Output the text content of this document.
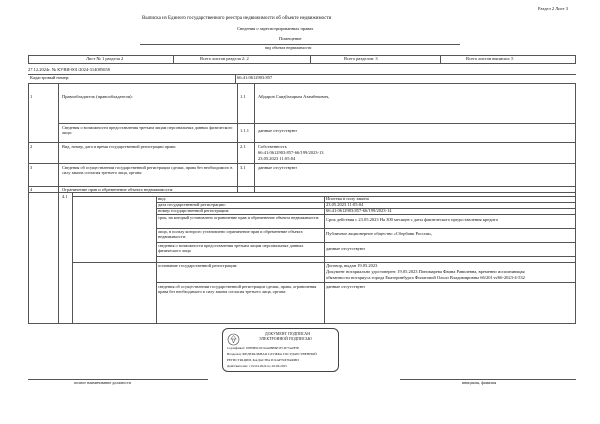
Раздел 2 Лист 3
Выписка из Единого государственного реестра недвижимости об объекте недвижимости
Сведения о зарегистрированных правах
Помещение
вид объекта недвижимости
Лист № 1 раздела 2	Всего листов раздела 2: 2	Всего разделов: 3	Всего листов выписки: 5
27.12.2024г. № КУВИ-001/2024-314085658
Кадастровый номер:	66:41:0612903:857
1	Правообладатель (правообладатели):	1.1	Айдаров Саидбахарым Азамбекович,
Сведения о возможности предоставления третьим лицам персональных данных физического лица:	1.1.1 данные отсутствуют
2	Вид, номер, дата и время государственной регистрации права:	2.1	Собственность
66:41:0612903:857-66/199/2023-13
23.05.2023 11:05:04
3	Сведения об осуществлении государственной регистрации сделки, права без необходимого в силу закона согласия третьего лица, органа:
3.1	данные отсутствуют
4	Ограничение прав и обременение объекта недвижимости:
4.1	вид:	Ипотека в силу закона
дата государственной регистрации:	23.05.2023 11:05:04
номер государственной регистрации:	66:41:0612903:857-66/199/2023-14
срок, на который установлено ограничение прав и обременение объекта недвижимости:	Срок действия с 23.05.2023 На 300 месяцев с даты фактического предоставления кредита
лицо, в пользу которого установлено ограничение прав и обременение объекта недвижимости:
Публичное акционерное общество «Сбербанк России»,
сведения о возможности предоставления третьим лицам персональных данных физического лица	данные отсутствуют
основание государственной регистрации:	Договор, выдан 19.05.2023
Документ нотариально удостоверен: 19.05.2023 Пономарева Фаина Равилевна, временно исполняющая
обязанности нотариуса города Екатеринбурга Филатовой Ольги Владимировны 66/201-н/66-2023-4-532
сведения об осуществлении государственной регистрации сделки, права, ограничения права без необходимого в силу закона согласия третьего лица, органа:
данные отсутствуют
полное наименование должности	инициалы, фамилия
ДОКУМЕНТ ПОДПИСАН
ЭЛЕКТРОННОЙ ПОДПИСЬЮ
Сертификат: 00F0B9C6C94A98B6E1F1D75A0F5E
Владелец: ФЕДЕРАЛЬНАЯ СЛУЖБА ГОСУДАРСТВЕННОЙ
РЕГИСТРАЦИИ, КАДАСТРА И КАРТОГРАФИИ
Действителен: с 02.04.2024 по 26.06.2025
